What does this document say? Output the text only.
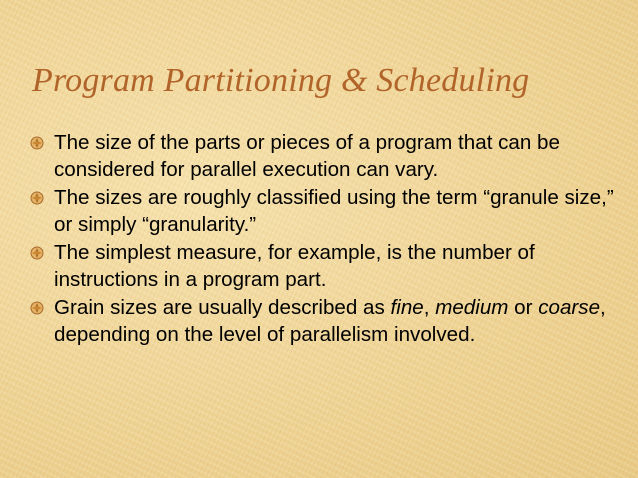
Program Partitioning & Scheduling
The size of the parts or pieces of a program that can be considered for parallel execution can vary.
The sizes are roughly classified using the term “granule size,” or simply “granularity.”
The simplest measure, for example, is the number of instructions in a program part.
Grain sizes are usually described as fine, medium or coarse, depending on the level of parallelism involved.
